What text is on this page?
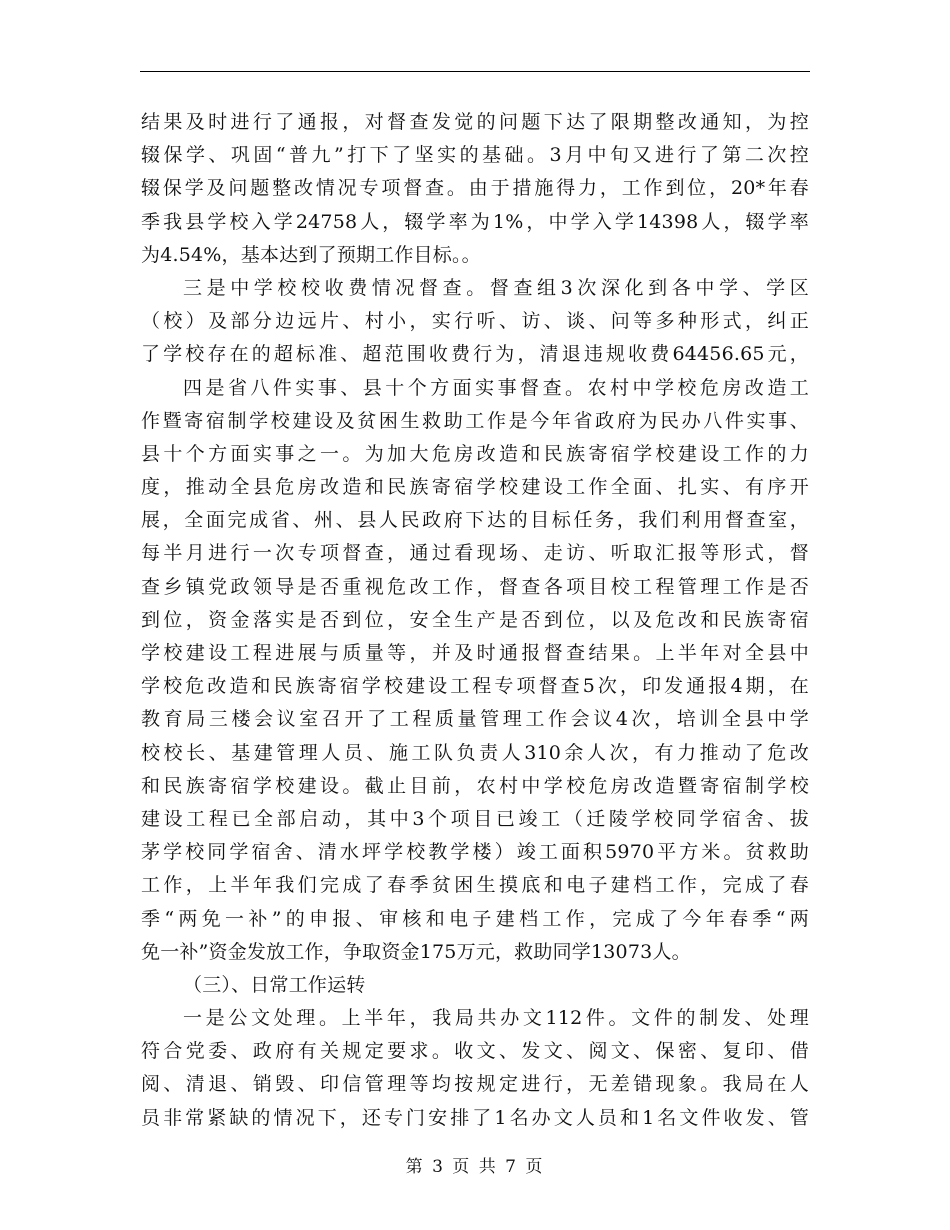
结果及时进行了通报，对督查发觉的问题下达了限期整改通知，为控
辍保学、巩固“普九”打下了坚实的基础。3月中旬又进行了第二次控
辍保学及问题整改情况专项督查。由于措施得力，工作到位，20*年春
季我县学校入学24758人，辍学率为1%，中学入学14398人，辍学率
为4.54%，基本达到了预期工作目标。。
三是中学校校收费情况督查。督查组3次深化到各中学、学区
（校）及部分边远片、村小，实行听、访、谈、问等多种形式，纠正
了学校存在的超标准、超范围收费行为，清退违规收费64456.65元，
四是省八件实事、县十个方面实事督查。农村中学校危房改造工
作暨寄宿制学校建设及贫困生救助工作是今年省政府为民办八件实事、
县十个方面实事之一。为加大危房改造和民族寄宿学校建设工作的力
度，推动全县危房改造和民族寄宿学校建设工作全面、扎实、有序开
展，全面完成省、州、县人民政府下达的目标任务，我们利用督查室，
每半月进行一次专项督查，通过看现场、走访、听取汇报等形式，督
查乡镇党政领导是否重视危改工作，督查各项目校工程管理工作是否
到位，资金落实是否到位，安全生产是否到位，以及危改和民族寄宿
学校建设工程进展与质量等，并及时通报督查结果。上半年对全县中
学校危改造和民族寄宿学校建设工程专项督查5次，印发通报4期，在
教育局三楼会议室召开了工程质量管理工作会议4次，培训全县中学
校校长、基建管理人员、施工队负责人310余人次，有力推动了危改
和民族寄宿学校建设。截止目前，农村中学校危房改造暨寄宿制学校
建设工程已全部启动，其中3个项目已竣工（迁陵学校同学宿舍、拔
茅学校同学宿舍、清水坪学校教学楼）竣工面积5970平方米。贫救助
工作，上半年我们完成了春季贫困生摸底和电子建档工作，完成了春
季“两免一补”的申报、审核和电子建档工作，完成了今年春季“两
免一补”资金发放工作，争取资金175万元，救助同学13073人。
（三）、日常工作运转
一是公文处理。上半年，我局共办文112件。文件的制发、处理
符合党委、政府有关规定要求。收文、发文、阅文、保密、复印、借
阅、清退、销毁、印信管理等均按规定进行，无差错现象。我局在人
员非常紧缺的情况下，还专门安排了1名办文人员和1名文件收发、管
第 3 页 共 7 页
